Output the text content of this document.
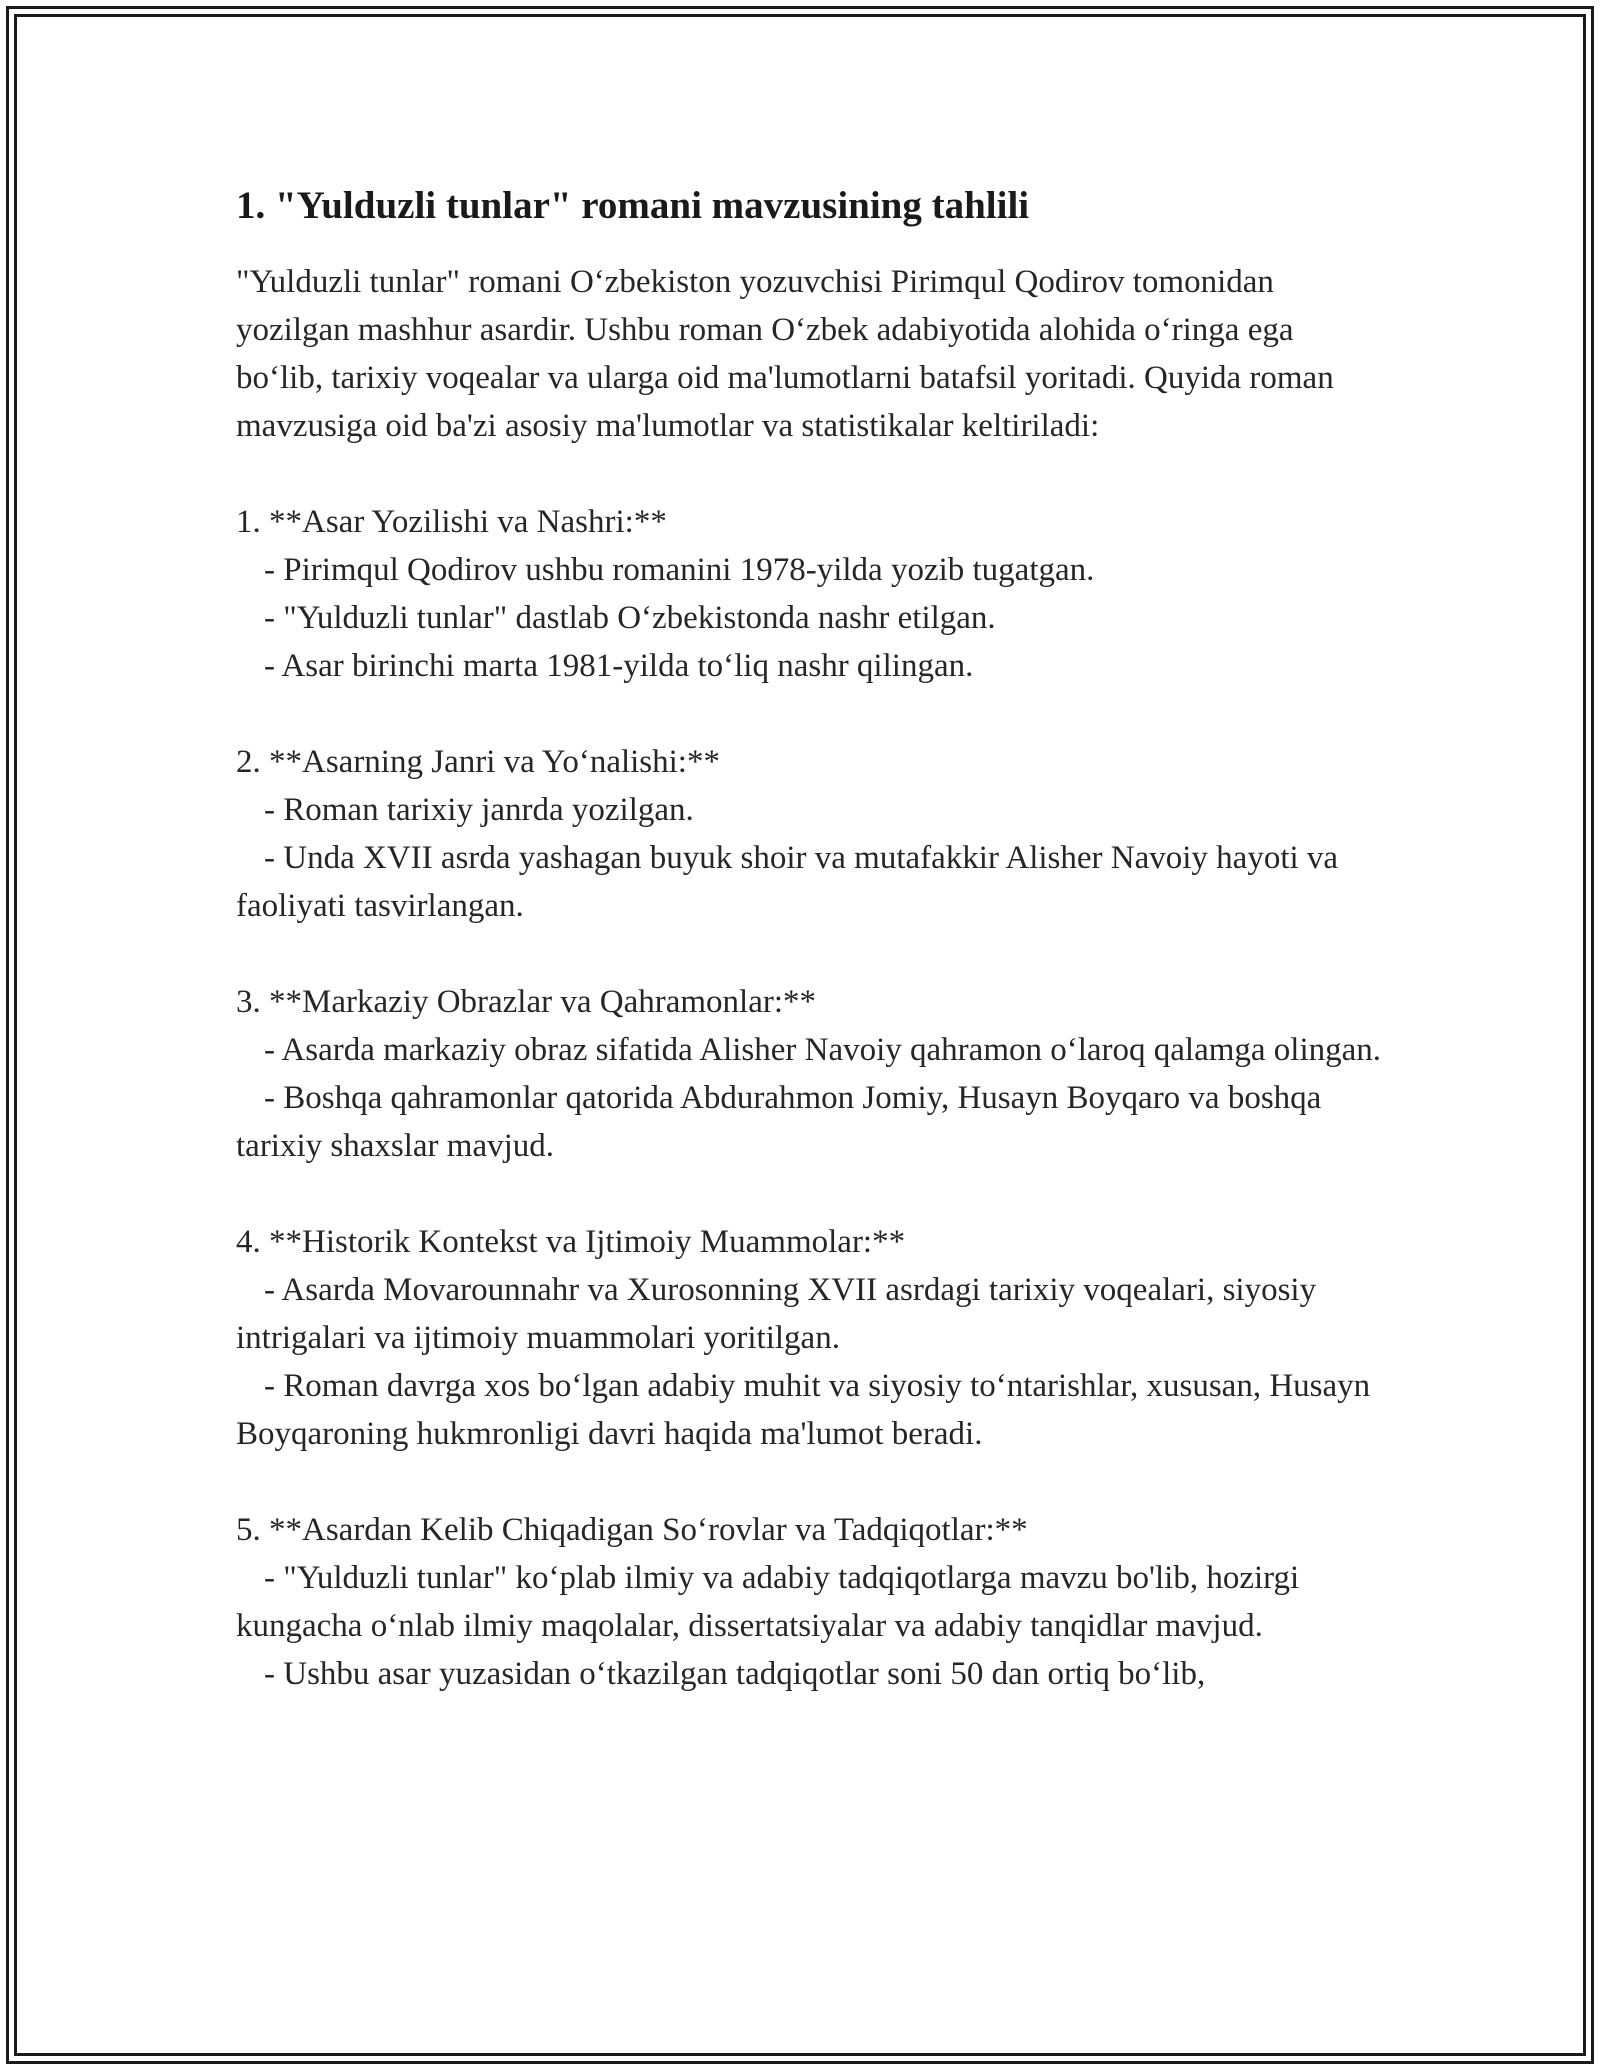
1. "Yulduzli tunlar" romani mavzusining tahlili

"Yulduzli tunlar" romani O‘zbekiston yozuvchisi Pirimqul Qodirov tomonidan yozilgan mashhur asardir. Ushbu roman O‘zbek adabiyotida alohida o‘ringa ega bo‘lib, tarixiy voqealar va ularga oid ma'lumotlarni batafsil yoritadi. Quyida roman mavzusiga oid ba'zi asosiy ma'lumotlar va statistikalar keltiriladi:

1. **Asar Yozilishi va Nashri:**

- Pirimqul Qodirov ushbu romanini 1978-yilda yozib tugatgan.

- "Yulduzli tunlar" dastlab O‘zbekistonda nashr etilgan.

- Asar birinchi marta 1981-yilda to‘liq nashr qilingan.

2. **Asarning Janri va Yo‘nalishi:**

- Roman tarixiy janrda yozilgan.

- Unda XVII asrda yashagan buyuk shoir va mutafakkir Alisher Navoiy hayoti va faoliyati tasvirlangan.

3. **Markaziy Obrazlar va Qahramonlar:**

- Asarda markaziy obraz sifatida Alisher Navoiy qahramon o‘laroq qalamga olingan.

- Boshqa qahramonlar qatorida Abdurahmon Jomiy, Husayn Boyqaro va boshqa tarixiy shaxslar mavjud.

4. **Historik Kontekst va Ijtimoiy Muammolar:**

- Asarda Movarounnahr va Xurosonning XVII asrdagi tarixiy voqealari, siyosiy intrigalari va ijtimoiy muammolari yoritilgan.

- Roman davrga xos bo‘lgan adabiy muhit va siyosiy to‘ntarishlar, xususan, Husayn Boyqaroning hukmronligi davri haqida ma'lumot beradi.

5. **Asardan Kelib Chiqadigan So‘rovlar va Tadqiqotlar:**

- "Yulduzli tunlar" ko‘plab ilmiy va adabiy tadqiqotlarga mavzu bo'lib, hozirgi kungacha o‘nlab ilmiy maqolalar, dissertatsiyalar va adabiy tanqidlar mavjud.

- Ushbu asar yuzasidan o‘tkazilgan tadqiqotlar soni 50 dan ortiq bo‘lib,
